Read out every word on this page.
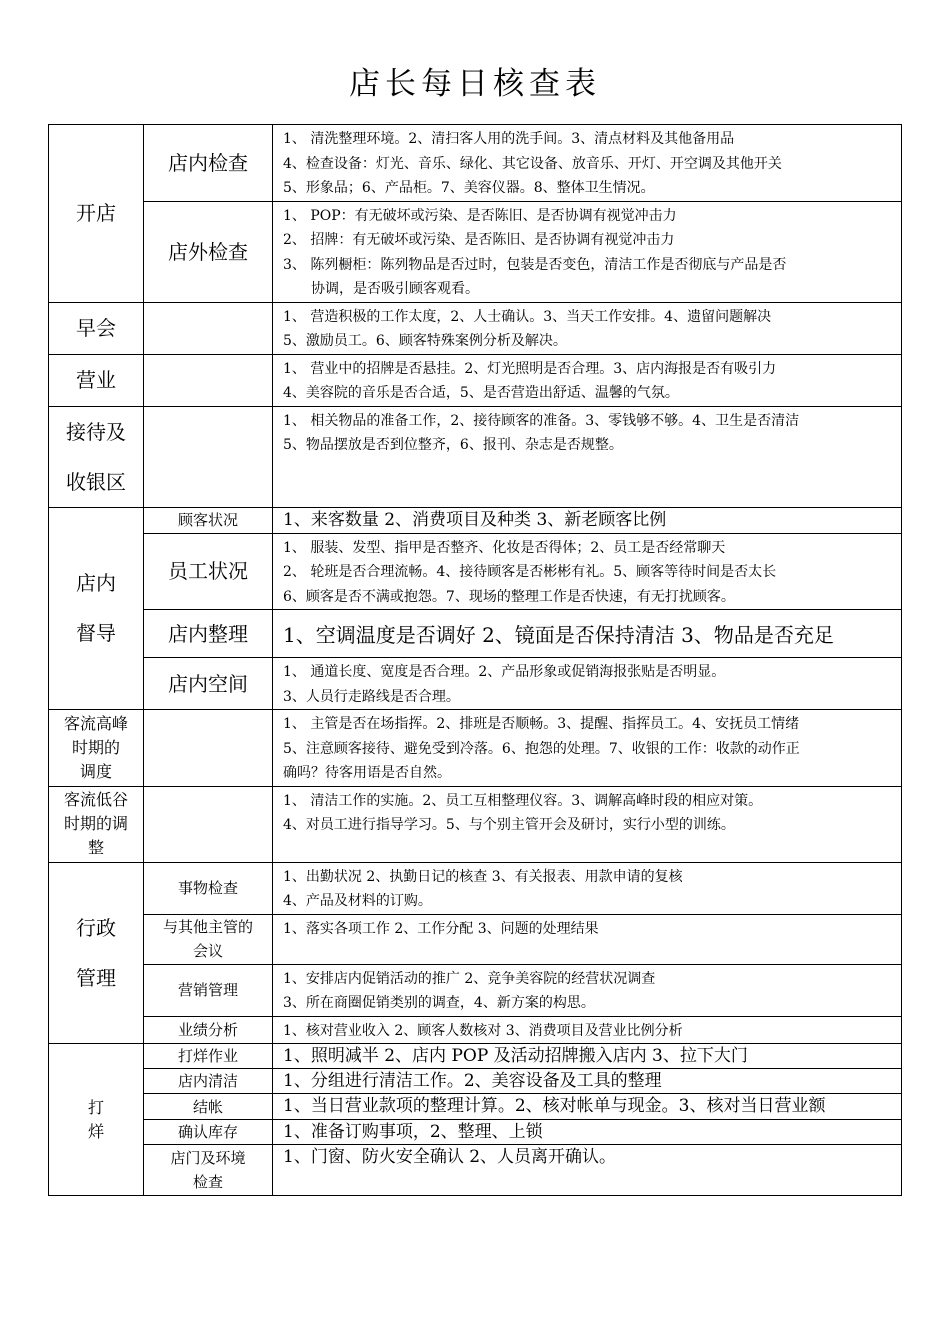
店长每日核查表
开店	店内检查	1、 清洗整理环境。2、清扫客人用的洗手间。3、清点材料及其他备用品
4、检查设备：灯光、音乐、绿化、其它设备、放音乐、开灯、开空调及其他开关
5、形象品；6、产品柜。7、美容仪器。8、整体卫生情况。

	店外检查	1、 POP：有无破坏或污染、是否陈旧、是否协调有视觉冲击力
2、 招牌：有无破坏或污染、是否陈旧、是否协调有视觉冲击力
3、 陈列橱柜：陈列物品是否过时，包装是否变色，清洁工作是否彻底与产品是否
协调，是否吸引顾客观看。

早会		1、 营造积极的工作太度，2、人士确认。3、当天工作安排。4、遗留问题解决
5、激励员工。6、顾客特殊案例分析及解决。

营业		1、 营业中的招牌是否悬挂。2、灯光照明是否合理。3、店内海报是否有吸引力
4、美容院的音乐是否合适，5、是否营造出舒适、温馨的气氛。

接待及
收银区		1、 相关物品的准备工作，2、接待顾客的准备。3、零钱够不够。4、卫生是否清洁
5、物品摆放是否到位整齐，6、报刊、杂志是否规整。

店内
督导	顾客状况	1、来客数量 2、消费项目及种类 3、新老顾客比例

	员工状况	1、 服装、发型、指甲是否整齐、化妆是否得体；2、员工是否经常聊天
2、 轮班是否合理流畅。4、接待顾客是否彬彬有礼。5、顾客等待时间是否太长
6、顾客是否不满或抱怨。7、现场的整理工作是否快速，有无打扰顾客。

	店内整理	1、空调温度是否调好 2、镜面是否保持清洁 3、物品是否充足

	店内空间	1、 通道长度、宽度是否合理。2、产品形象或促销海报张贴是否明显。
3、人员行走路线是否合理。

客流高峰
时期的
调度		1、 主管是否在场指挥。2、排班是否顺畅。3、提醒、指挥员工。4、安抚员工情绪
5、注意顾客接待、避免受到冷落。6、抱怨的处理。7、收银的工作：收款的动作正
确吗？待客用语是否自然。

客流低谷
时期的调
整		1、 清洁工作的实施。2、员工互相整理仪容。3、调解高峰时段的相应对策。
4、对员工进行指导学习。5、与个别主管开会及研讨，实行小型的训练。

行政
管理	事物检查	1、出勤状况 2、执勤日记的核查 3、有关报表、用款申请的复核
4、产品及材料的订购。

	与其他主管的
会议	1、落实各项工作 2、工作分配 3、问题的处理结果

	营销管理	1、安排店内促销活动的推广 2、竞争美容院的经营状况调查
3、所在商圈促销类别的调查，4、新方案的构思。

	业绩分析	1、核对营业收入 2、顾客人数核对 3、消费项目及营业比例分析

打
烊	打烊作业	1、照明减半 2、店内 POP 及活动招牌搬入店内 3、拉下大门

	店内清洁	1、分组进行清洁工作。2、美容设备及工具的整理

	结帐	1、当日营业款项的整理计算。2、核对帐单与现金。3、核对当日营业额

	确认库存	1、准备订购事项，2、整理、上锁

	店门及环境
检查	1、门窗、防火安全确认 2、人员离开确认。
